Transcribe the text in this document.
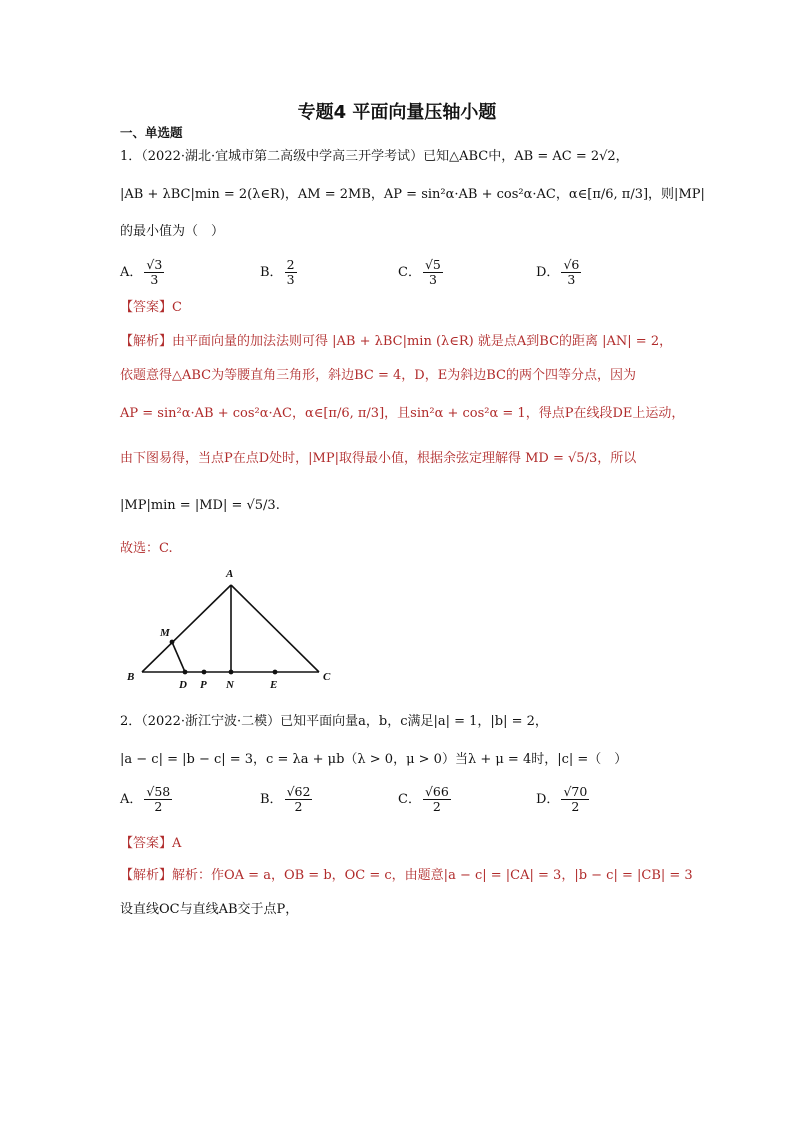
专题4 平面向量压轴小题
一、单选题
1．（2022·湖北·宜城市第二高级中学高三开学考试）已知△ABC中，AB = AC = 2√2，
|AB + λBC|min = 2(λ∈R)，AM = 2MB，AP = sin²α·AB + cos²α·AC，α∈[π/6, π/3]，则|MP|
的最小值为（　）
A． $\frac{√3}{3}$	B． $\frac{2}{3}$	C． $\frac{√5}{3}$	D． $\frac{√6}{3}$
【答案】C
【解析】由平面向量的加法法则可得 |AB + λBC|min (λ∈R) 就是点A到BC的距离 |AN| = 2，
依题意得△ABC为等腰直角三角形，斜边BC = 4，D，E为斜边BC的两个四等分点，因为
AP = sin²α·AB + cos²α·AC，α∈[π/6, π/3]，且sin²α + cos²α = 1，得点P在线段DE上运动，
由下图易得，当点P在点D处时，|MP|取得最小值，根据余弦定理解得 MD = √5/3，所以
|MP|min = |MD| = √5/3.
故选：C.
A
B	C
M
D P N	E
2．（2022·浙江宁波·二模）已知平面向量a，b，c满足|a| = 1，|b| = 2，
|a − c| = |b − c| = 3，c = λa + μb（λ > 0，μ > 0）当λ + μ = 4时，|c| =（　）
A． $\frac{√58}{2}$	B． $\frac{√62}{2}$	C． $\frac{√66}{2}$	D． $\frac{√70}{2}$
【答案】A
【解析】解析：作OA = a，OB = b，OC = c，由题意|a − c| = |CA| = 3，|b − c| = |CB| = 3
设直线OC与直线AB交于点P，
